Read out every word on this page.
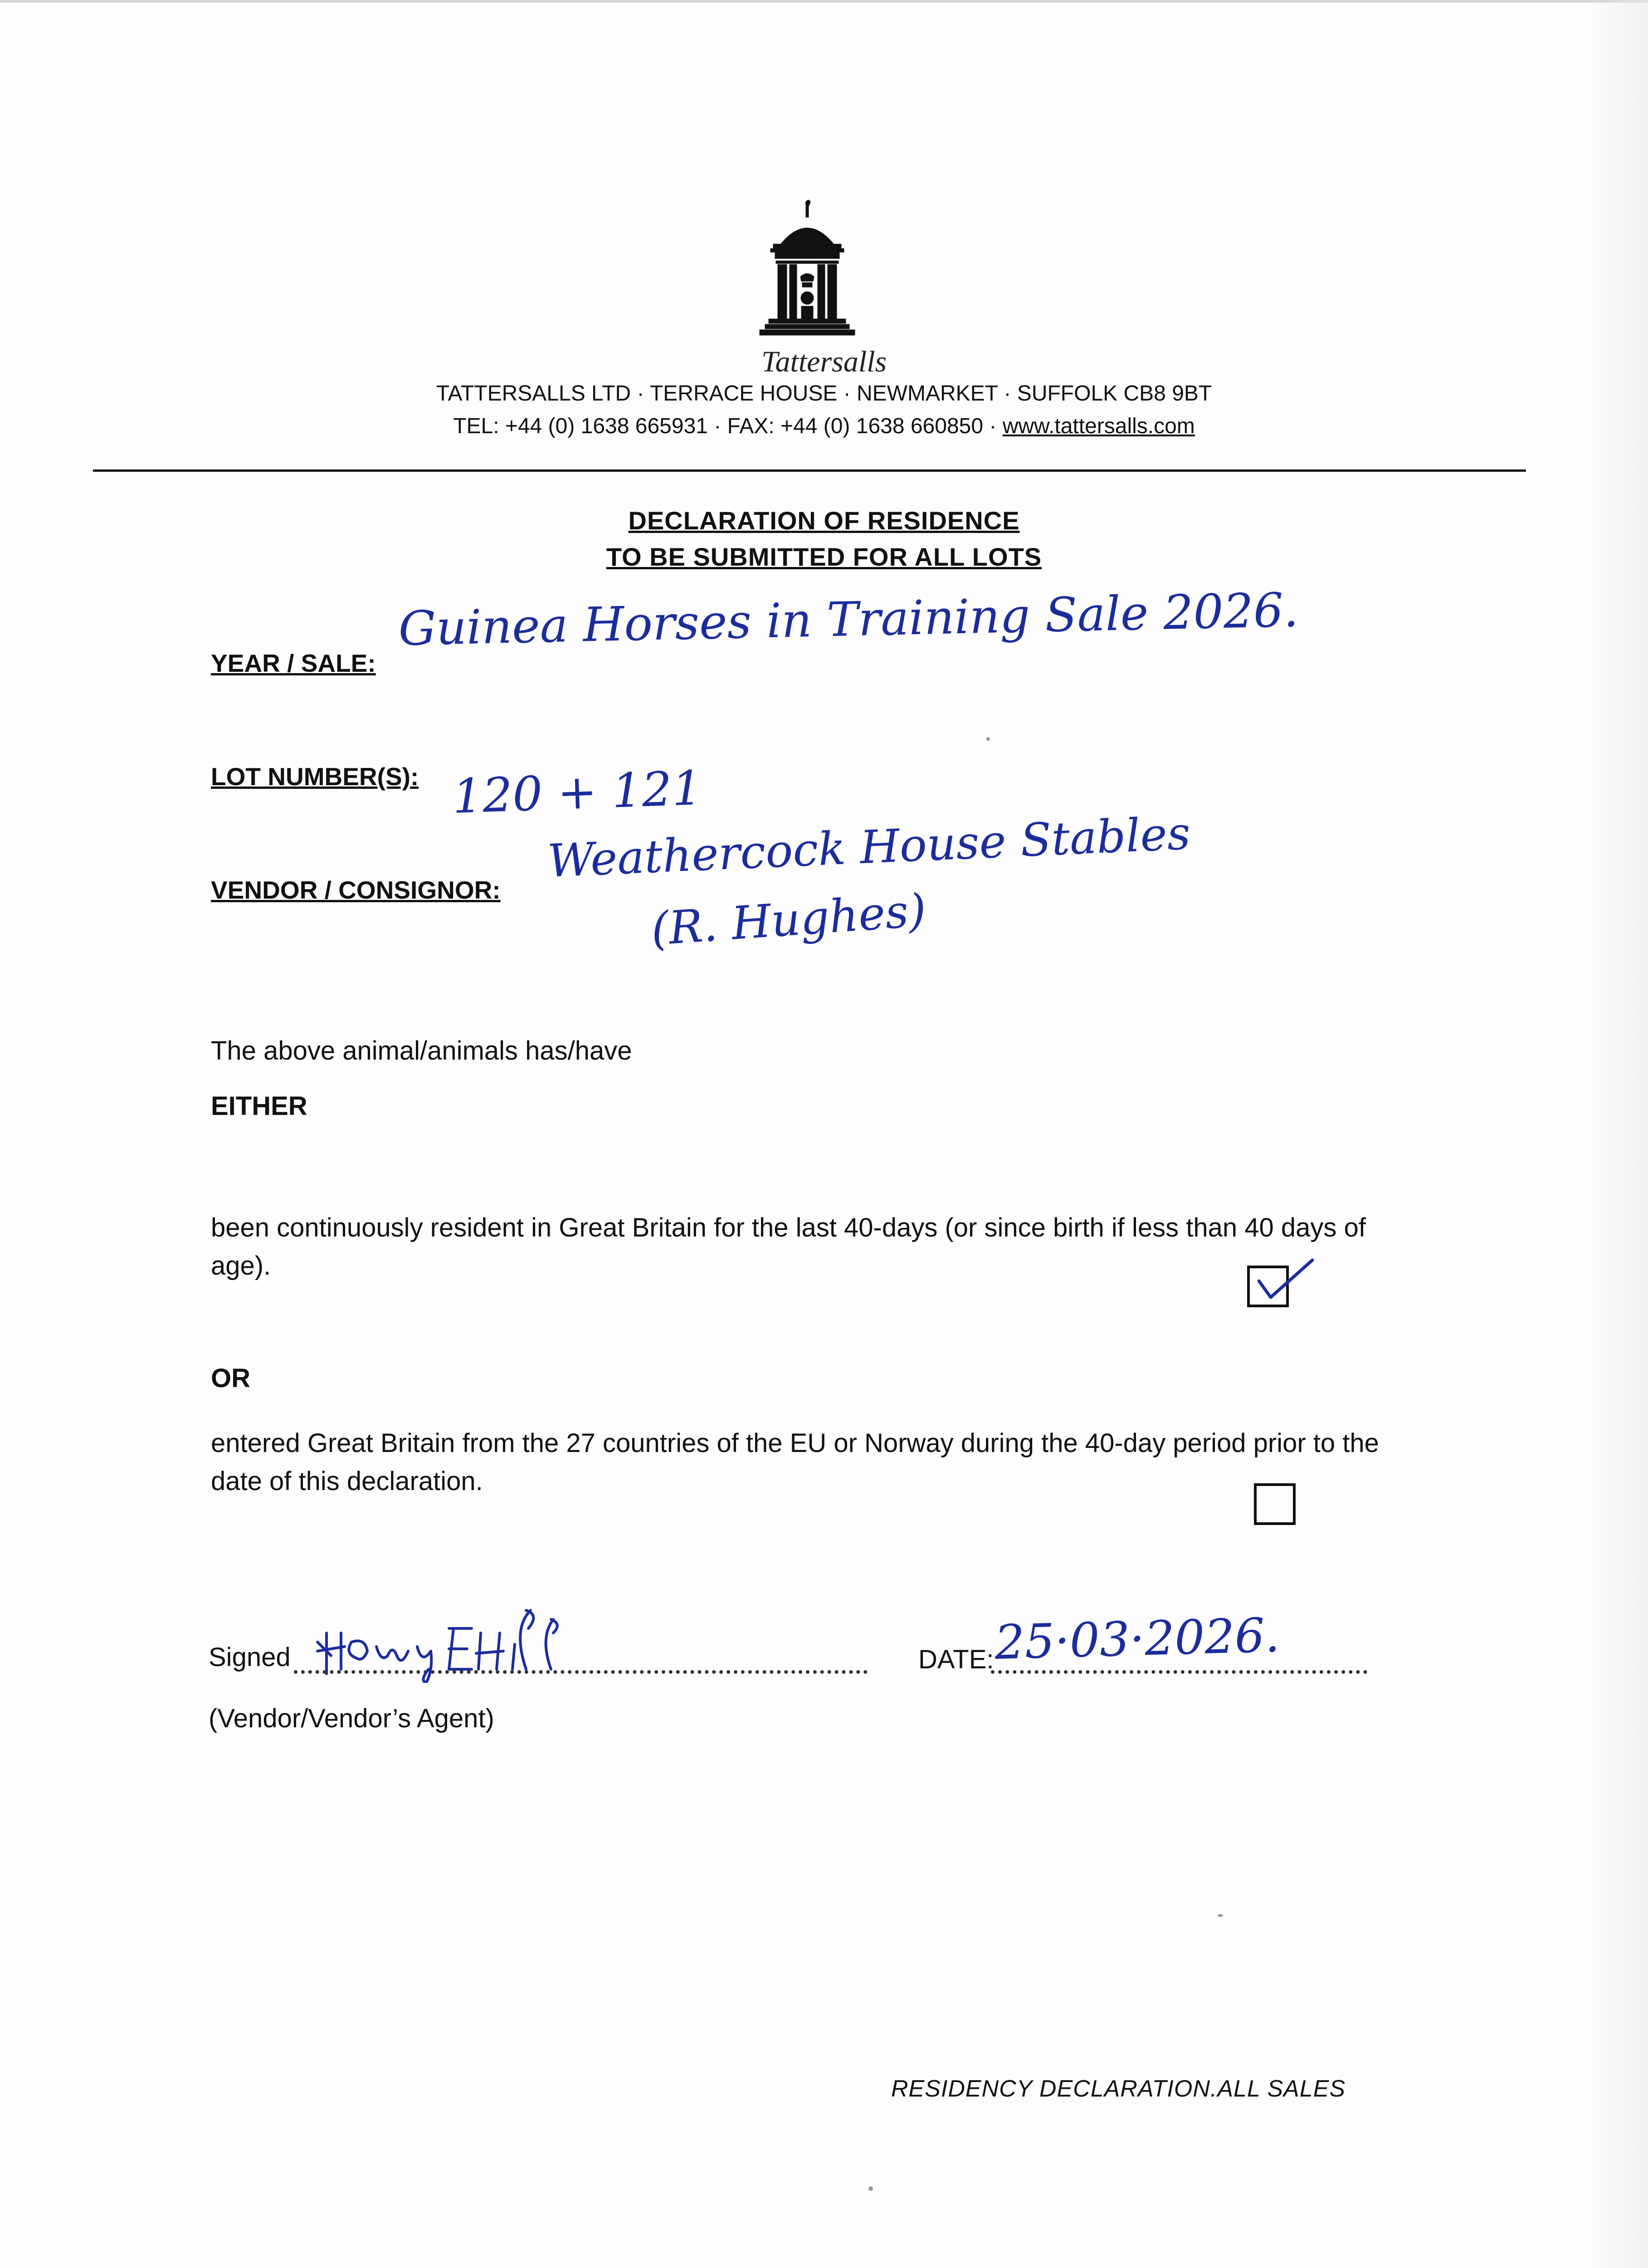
Tattersalls
TATTERSALLS LTD · TERRACE HOUSE · NEWMARKET · SUFFOLK CB8 9BT
TEL: +44 (0) 1638 665931 · FAX: +44 (0) 1638 660850 · www.tattersalls.com
DECLARATION OF RESIDENCE
TO BE SUBMITTED FOR ALL LOTS
YEAR / SALE:
Guinea Horses in Training Sale 2026.
LOT NUMBER(S): 120 + 121
VENDOR / CONSIGNOR:
Weathercock House Stables
(R. Hughes)
The above animal/animals has/have
EITHER
been continuously resident in Great Britain for the last 40-days (or since birth if less than 40 days of age).
OR
entered Great Britain from the 27 countries of the EU or Norway during the 40-day period prior to the date of this declaration.
Signed	DATE: 25·03·2026.
(Vendor/Vendor’s Agent)
RESIDENCY DECLARATION.ALL SALES
